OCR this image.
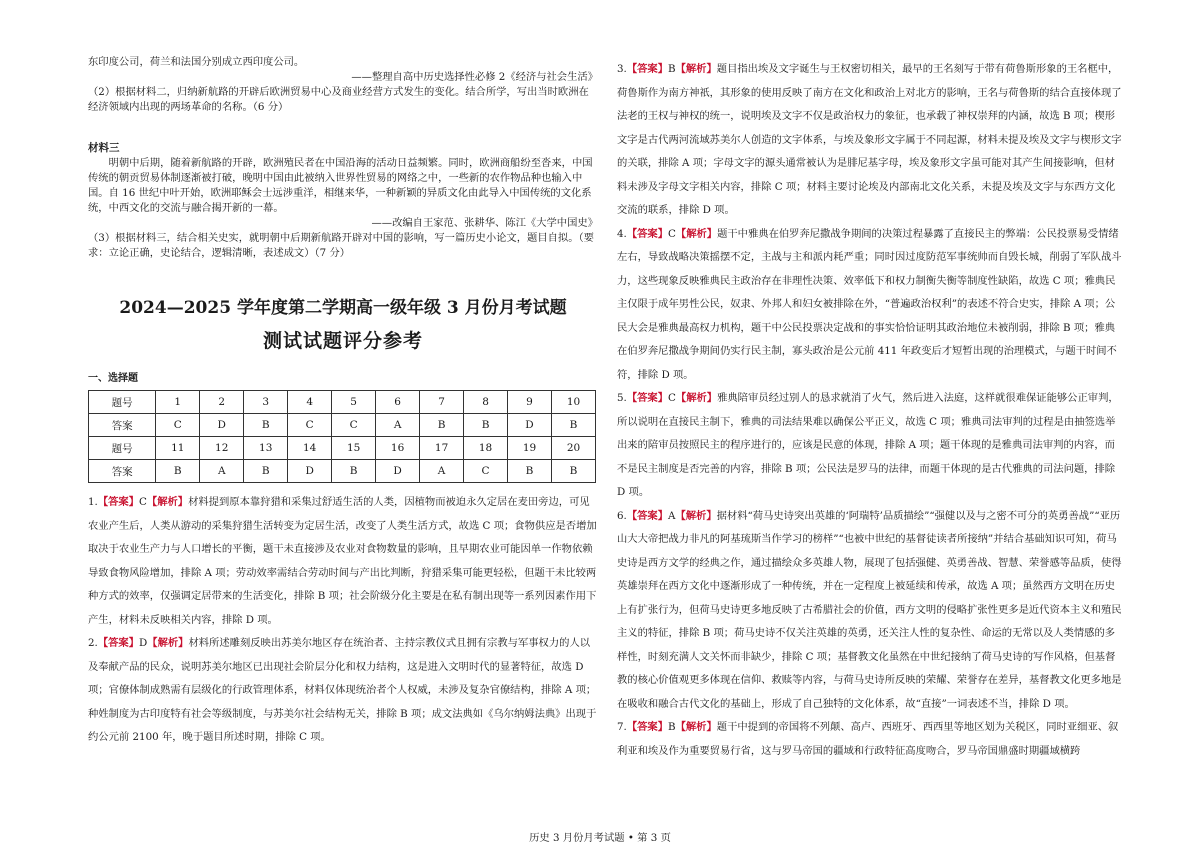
东印度公司，荷兰和法国分别成立西印度公司。

——整理自高中历史选择性必修 2《经济与社会生活》

（2）根据材料二，归纳新航路的开辟后欧洲贸易中心及商业经营方式发生的变化。结合所学，写出当时欧洲在经济领域内出现的两场革命的名称。（6 分）

材料三

明朝中后期，随着新航路的开辟，欧洲殖民者在中国沿海的活动日益频繁。同时，欧洲商船纷至沓来，中国传统的朝贡贸易体制逐渐被打破，晚明中国由此被纳入世界性贸易的网络之中，一些新的农作物品种也输入中国。自 16 世纪中叶开始，欧洲耶稣会士远涉重洋，相继来华，一种新颖的异质文化由此导入中国传统的文化系统，中西文化的交流与融合揭开新的一幕。

——改编自王家范、张耕华、陈江《大学中国史》

（3）根据材料三，结合相关史实，就明朝中后期新航路开辟对中国的影响，写一篇历史小论文，题目自拟。（要求：立论正确，史论结合，逻辑清晰，表述成文）（7 分）

2024—2025 学年度第二学期高一级年级 3 月份月考试题

测试试题评分参考

一、选择题

题号	1	2	3	4	5	6	7	8	9	10
答案	C	D	B	C	C	A	B	B	D	B
题号	11	12	13	14	15	16	17	18	19	20
答案	B	A	B	D	B	D	A	C	B	B

1.【答案】C【解析】材料提到原本靠狩猎和采集过舒适生活的人类，因植物而被迫永久定居在麦田旁边，可见农业产生后，人类从游动的采集狩猎生活转变为定居生活，改变了人类生活方式，故选 C 项；食物供应是否增加取决于农业生产力与人口增长的平衡，题干未直接涉及农业对食物数量的影响，且早期农业可能因单一作物依赖导致食物风险增加，排除 A 项；劳动效率需结合劳动时间与产出比判断，狩猎采集可能更轻松，但题干未比较两种方式的效率，仅强调定居带来的生活变化，排除 B 项；社会阶级分化主要是在私有制出现等一系列因素作用下产生，材料未反映相关内容，排除 D 项。

2.【答案】D【解析】材料所述雕刻反映出苏美尔地区存在统治者、主持宗教仪式且拥有宗教与军事权力的人以及奉献产品的民众，说明苏美尔地区已出现社会阶层分化和权力结构，这是进入文明时代的显著特征，故选 D 项；官僚体制成熟需有层级化的行政管理体系，材料仅体现统治者个人权威，未涉及复杂官僚结构，排除 A 项；种姓制度为古印度特有社会等级制度，与苏美尔社会结构无关，排除 B 项；成文法典如《乌尔纳姆法典》出现于约公元前 2100 年，晚于题目所述时期，排除 C 项。

3.【答案】B【解析】题目指出埃及文字诞生与王权密切相关，最早的王名刻写于带有荷鲁斯形象的王名框中，荷鲁斯作为南方神祇，其形象的使用反映了南方在文化和政治上对北方的影响，王名与荷鲁斯的结合直接体现了法老的王权与神权的统一，说明埃及文字不仅是政治权力的象征，也承载了神权崇拜的内涵，故选 B 项；楔形文字是古代两河流域苏美尔人创造的文字体系，与埃及象形文字属于不同起源，材料未提及埃及文字与楔形文字的关联，排除 A 项；字母文字的源头通常被认为是腓尼基字母，埃及象形文字虽可能对其产生间接影响，但材料未涉及字母文字相关内容，排除 C 项；材料主要讨论埃及内部南北文化关系，未提及埃及文字与东西方文化交流的联系，排除 D 项。

4.【答案】C【解析】题干中雅典在伯罗奔尼撒战争期间的决策过程暴露了直接民主的弊端：公民投票易受情绪左右，导致战略决策摇摆不定，主战与主和派内耗严重；同时因过度防范军事统帅而自毁长城，削弱了军队战斗力，这些现象反映雅典民主政治存在非理性决策、效率低下和权力制衡失衡等制度性缺陷，故选 C 项；雅典民主仅限于成年男性公民，奴隶、外邦人和妇女被排除在外，“普遍政治权利”的表述不符合史实，排除 A 项；公民大会是雅典最高权力机构，题干中公民投票决定战和的事实恰恰证明其政治地位未被削弱，排除 B 项；雅典在伯罗奔尼撒战争期间仍实行民主制，寡头政治是公元前 411 年政变后才短暂出现的治理模式，与题干时间不符，排除 D 项。

5.【答案】C【解析】雅典陪审员经过别人的恳求就消了火气，然后进入法庭，这样就很难保证能够公正审判，所以说明在直接民主制下，雅典的司法结果难以确保公平正义，故选 C 项；雅典司法审判的过程是由抽签选举出来的陪审员按照民主的程序进行的，应该是民意的体现，排除 A 项；题干体现的是雅典司法审判的内容，而不是民主制度是否完善的内容，排除 B 项；公民法是罗马的法律，而题干体现的是古代雅典的司法问题，排除 D 项。

6.【答案】A【解析】据材料“荷马史诗突出英雄的‘阿瑞特’品质描绘”“强健以及与之密不可分的英勇善战”“亚历山大大帝把战力非凡的阿基琉斯当作学习的榜样”“也被中世纪的基督徒读者所接纳”并结合基础知识可知，荷马史诗是西方文学的经典之作，通过描绘众多英雄人物，展现了包括强健、英勇善战、智慧、荣誉感等品质，使得英雄崇拜在西方文化中逐渐形成了一种传统，并在一定程度上被延续和传承，故选 A 项；虽然西方文明在历史上有扩张行为，但荷马史诗更多地反映了古希腊社会的价值，西方文明的侵略扩张性更多是近代资本主义和殖民主义的特征，排除 B 项；荷马史诗不仅关注英雄的英勇，还关注人性的复杂性、命运的无常以及人类情感的多样性，时刻充满人文关怀而非缺少，排除 C 项；基督教文化虽然在中世纪接纳了荷马史诗的写作风格，但基督教的核心价值观更多体现在信仰、救赎等内容，与荷马史诗所反映的荣耀、荣誉存在差异，基督教文化更多地是在吸收和融合古代文化的基础上，形成了自己独特的文化体系，故“直接”一词表述不当，排除 D 项。

7.【答案】B【解析】题干中提到的帝国将不列颠、高卢、西班牙、西西里等地区划为关税区，同时亚细亚、叙利亚和埃及作为重要贸易行省，这与罗马帝国的疆域和行政特征高度吻合，罗马帝国鼎盛时期疆域横跨

历史 3 月份月考试题 • 第 3 页
